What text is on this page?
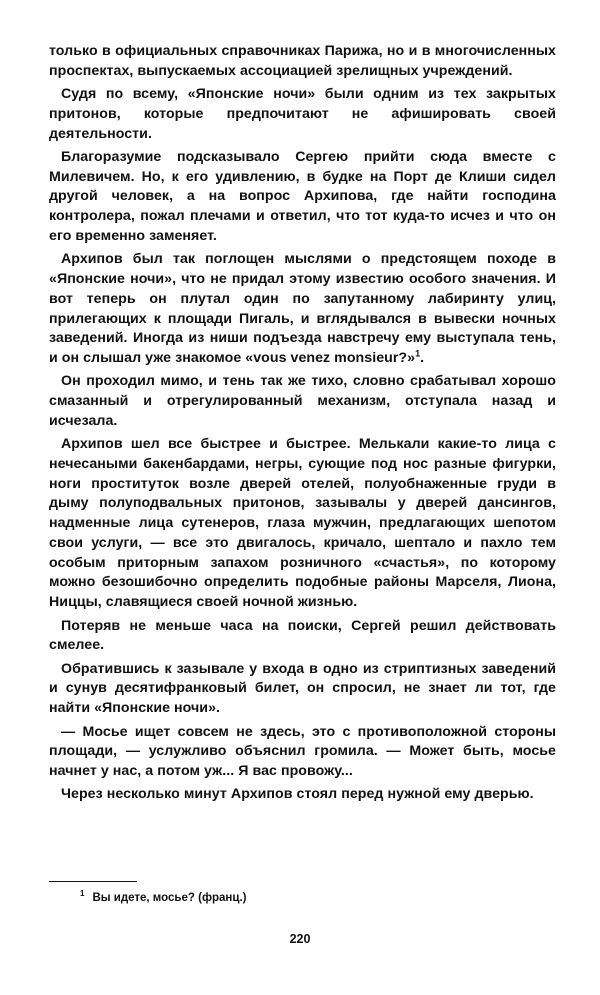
только в официальных справочниках Парижа, но и в многочисленных проспектах, выпускаемых ассоциацией зрелищных учреждений.

Судя по всему, «Японские ночи» были одним из тех закрытых притонов, которые предпочитают не афишировать своей деятельности.

Благоразумие подсказывало Сергею прийти сюда вместе с Милевичем. Но, к его удивлению, в будке на Порт де Клиши сидел другой человек, а на вопрос Архипова, где найти господина контролера, пожал плечами и ответил, что тот куда-то исчез и что он его временно заменяет.

Архипов был так поглощен мыслями о предстоящем походе в «Японские ночи», что не придал этому известию особого значения. И вот теперь он плутал один по запутанному лабиринту улиц, прилегающих к площади Пигаль, и вглядывался в вывески ночных заведений. Иногда из ниши подъезда навстречу ему выступала тень, и он слышал уже знакомое «vous venez monsieur?»$^1$.

Он проходил мимо, и тень так же тихо, словно срабатывал хорошо смазанный и отрегулированный механизм, отступала назад и исчезала.

Архипов шел все быстрее и быстрее. Мелькали какие-то лица с нечесаными бакенбардами, негры, сующие под нос разные фигурки, ноги проституток возле дверей отелей, полуобнаженные груди в дыму полуподвальных притонов, зазывалы у дверей дансингов, надменные лица сутенеров, глаза мужчин, предлагающих шепотом свои услуги, — все это двигалось, кричало, шептало и пахло тем особым приторным запахом розничного «счастья», по которому можно безошибочно определить подобные районы Марселя, Лиона, Ниццы, славящиеся своей ночной жизнью.

Потеряв не меньше часа на поиски, Сергей решил действовать смелее.

Обратившись к зазывале у входа в одно из стриптизных заведений и сунув десятифранковый билет, он спросил, не знает ли тот, где найти «Японские ночи».

— Мосье ищет совсем не здесь, это с противоположной стороны площади, — услужливо объяснил громила. — Может быть, мосье начнет у нас, а потом уж... Я вас провожу...

Через несколько минут Архипов стоял перед нужной ему дверью.

$^1$ Вы идете, мосье? (франц.)
220
